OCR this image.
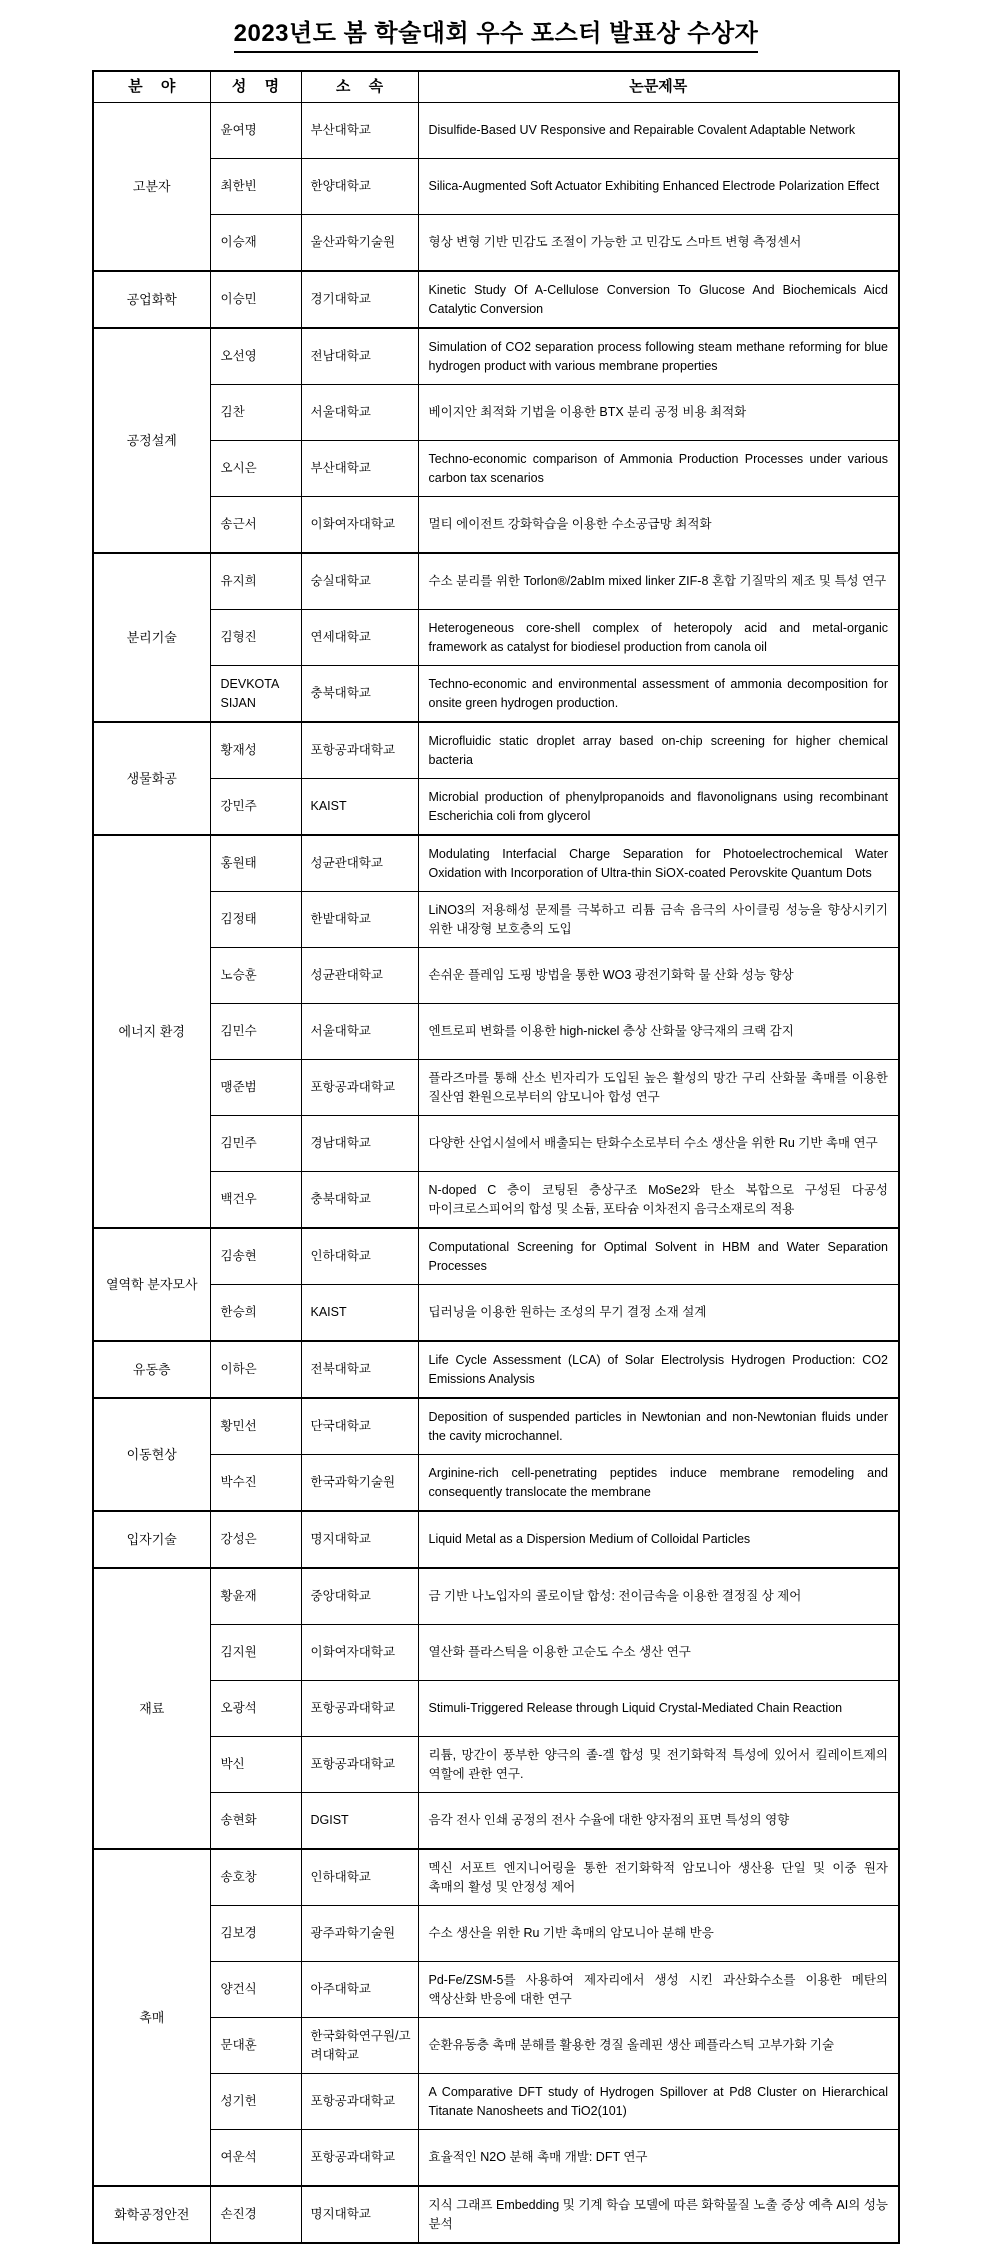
2023년도 봄 학술대회 우수 포스터 발표상 수상자
분 야	성 명	소 속	논문제목
고분자	윤여명	부산대학교	Disulfide-Based UV Responsive and Repairable Covalent Adaptable Network
	최한빈	한양대학교	Silica-Augmented Soft Actuator Exhibiting Enhanced Electrode Polarization Effect
	이승재	울산과학기술원	형상 변형 기반 민감도 조절이 가능한 고 민감도 스마트 변형 측정센서
공업화학	이승민	경기대학교	Kinetic Study Of A-Cellulose Conversion To Glucose And Biochemicals Aicd Catalytic Conversion
공정설계	오선영	전남대학교	Simulation of CO2 separation process following steam methane reforming for blue hydrogen product with various membrane properties
	김찬	서울대학교	베이지안 최적화 기법을 이용한 BTX 분리 공정 비용 최적화
	오시은	부산대학교	Techno-economic comparison of Ammonia Production Processes under various carbon tax scenarios
	송근서	이화여자대학교	멀티 에이전트 강화학습을 이용한 수소공급망 최적화
분리기술	유지희	숭실대학교	수소 분리를 위한 Torlon®/2abIm mixed linker ZIF-8 혼합 기질막의 제조 및 특성 연구
	김형진	연세대학교	Heterogeneous core-shell complex of heteropoly acid and metal-organic framework as catalyst for biodiesel production from canola oil
	DEVKOTA SIJAN	충북대학교	Techno-economic and environmental assessment of ammonia decomposition for onsite green hydrogen production.
생물화공	황재성	포항공과대학교	Microfluidic static droplet array based on-chip screening for higher chemical bacteria
	강민주	KAIST	Microbial production of phenylpropanoids and flavonolignans using recombinant Escherichia coli from glycerol
에너지 환경	홍원태	성균관대학교	Modulating Interfacial Charge Separation for Photoelectrochemical Water Oxidation with Incorporation of Ultra-thin SiOX-coated Perovskite Quantum Dots
	김정태	한밭대학교	LiNO3의 저용해성 문제를 극복하고 리튬 금속 음극의 사이클링 성능을 향상시키기 위한 내장형 보호층의 도입
	노승훈	성균관대학교	손쉬운 플레임 도핑 방법을 통한 WO3 광전기화학 물 산화 성능 향상
	김민수	서울대학교	엔트로피 변화를 이용한 high-nickel 층상 산화물 양극재의 크랙 감지
	맹준범	포항공과대학교	플라즈마를 통해 산소 빈자리가 도입된 높은 활성의 망간 구리 산화물 촉매를 이용한 질산염 환원으로부터의 암모니아 합성 연구
	김민주	경남대학교	다양한 산업시설에서 배출되는 탄화수소로부터 수소 생산을 위한 Ru 기반 촉매 연구
	백건우	충북대학교	N-doped C 층이 코팅된 층상구조 MoSe2와 탄소 복합으로 구성된 다공성 마이크로스피어의 합성 및 소듐, 포타슘 이차전지 음극소재로의 적용
열역학 분자모사	김송현	인하대학교	Computational Screening for Optimal Solvent in HBM and Water Separation Processes
	한승희	KAIST	딥러닝을 이용한 원하는 조성의 무기 결정 소재 설계
유동층	이하은	전북대학교	Life Cycle Assessment (LCA) of Solar Electrolysis Hydrogen Production: CO2 Emissions Analysis
이동현상	황민선	단국대학교	Deposition of suspended particles in Newtonian and non-Newtonian fluids under the cavity microchannel.
	박수진	한국과학기술원	Arginine-rich cell-penetrating peptides induce membrane remodeling and consequently translocate the membrane
입자기술	강성은	명지대학교	Liquid Metal as a Dispersion Medium of Colloidal Particles
재료	황윤재	중앙대학교	금 기반 나노입자의 콜로이달 합성: 전이금속을 이용한 결정질 상 제어
	김지원	이화여자대학교	열산화 플라스틱을 이용한 고순도 수소 생산 연구
	오광석	포항공과대학교	Stimuli-Triggered Release through Liquid Crystal-Mediated Chain Reaction
	박신	포항공과대학교	리튬, 망간이 풍부한 양극의 졸-겔 합성 및 전기화학적 특성에 있어서 킬레이트제의 역할에 관한 연구.
	송현화	DGIST	음각 전사 인쇄 공정의 전사 수율에 대한 양자점의 표면 특성의 영향
촉매	송호창	인하대학교	멕신 서포트 엔지니어링을 통한 전기화학적 암모니아 생산용 단일 및 이중 원자 촉매의 활성 및 안정성 제어
	김보경	광주과학기술원	수소 생산을 위한 Ru 기반 촉매의 암모니아 분해 반응
	양건식	아주대학교	Pd-Fe/ZSM-5를 사용하여 제자리에서 생성 시킨 과산화수소를 이용한 메탄의 액상산화 반응에 대한 연구
	문대훈	한국화학연구원/고려대학교	순환유동층 촉매 분해를 활용한 경질 올레핀 생산 페플라스틱 고부가화 기술
	성기헌	포항공과대학교	A Comparative DFT study of Hydrogen Spillover at Pd8 Cluster on Hierarchical Titanate Nanosheets and TiO2(101)
	여운석	포항공과대학교	효율적인 N2O 분해 촉매 개발: DFT 연구
화학공정안전	손진경	명지대학교	지식 그래프 Embedding 및 기계 학습 모델에 따른 화학물질 노출 증상 예측 AI의 성능 분석
